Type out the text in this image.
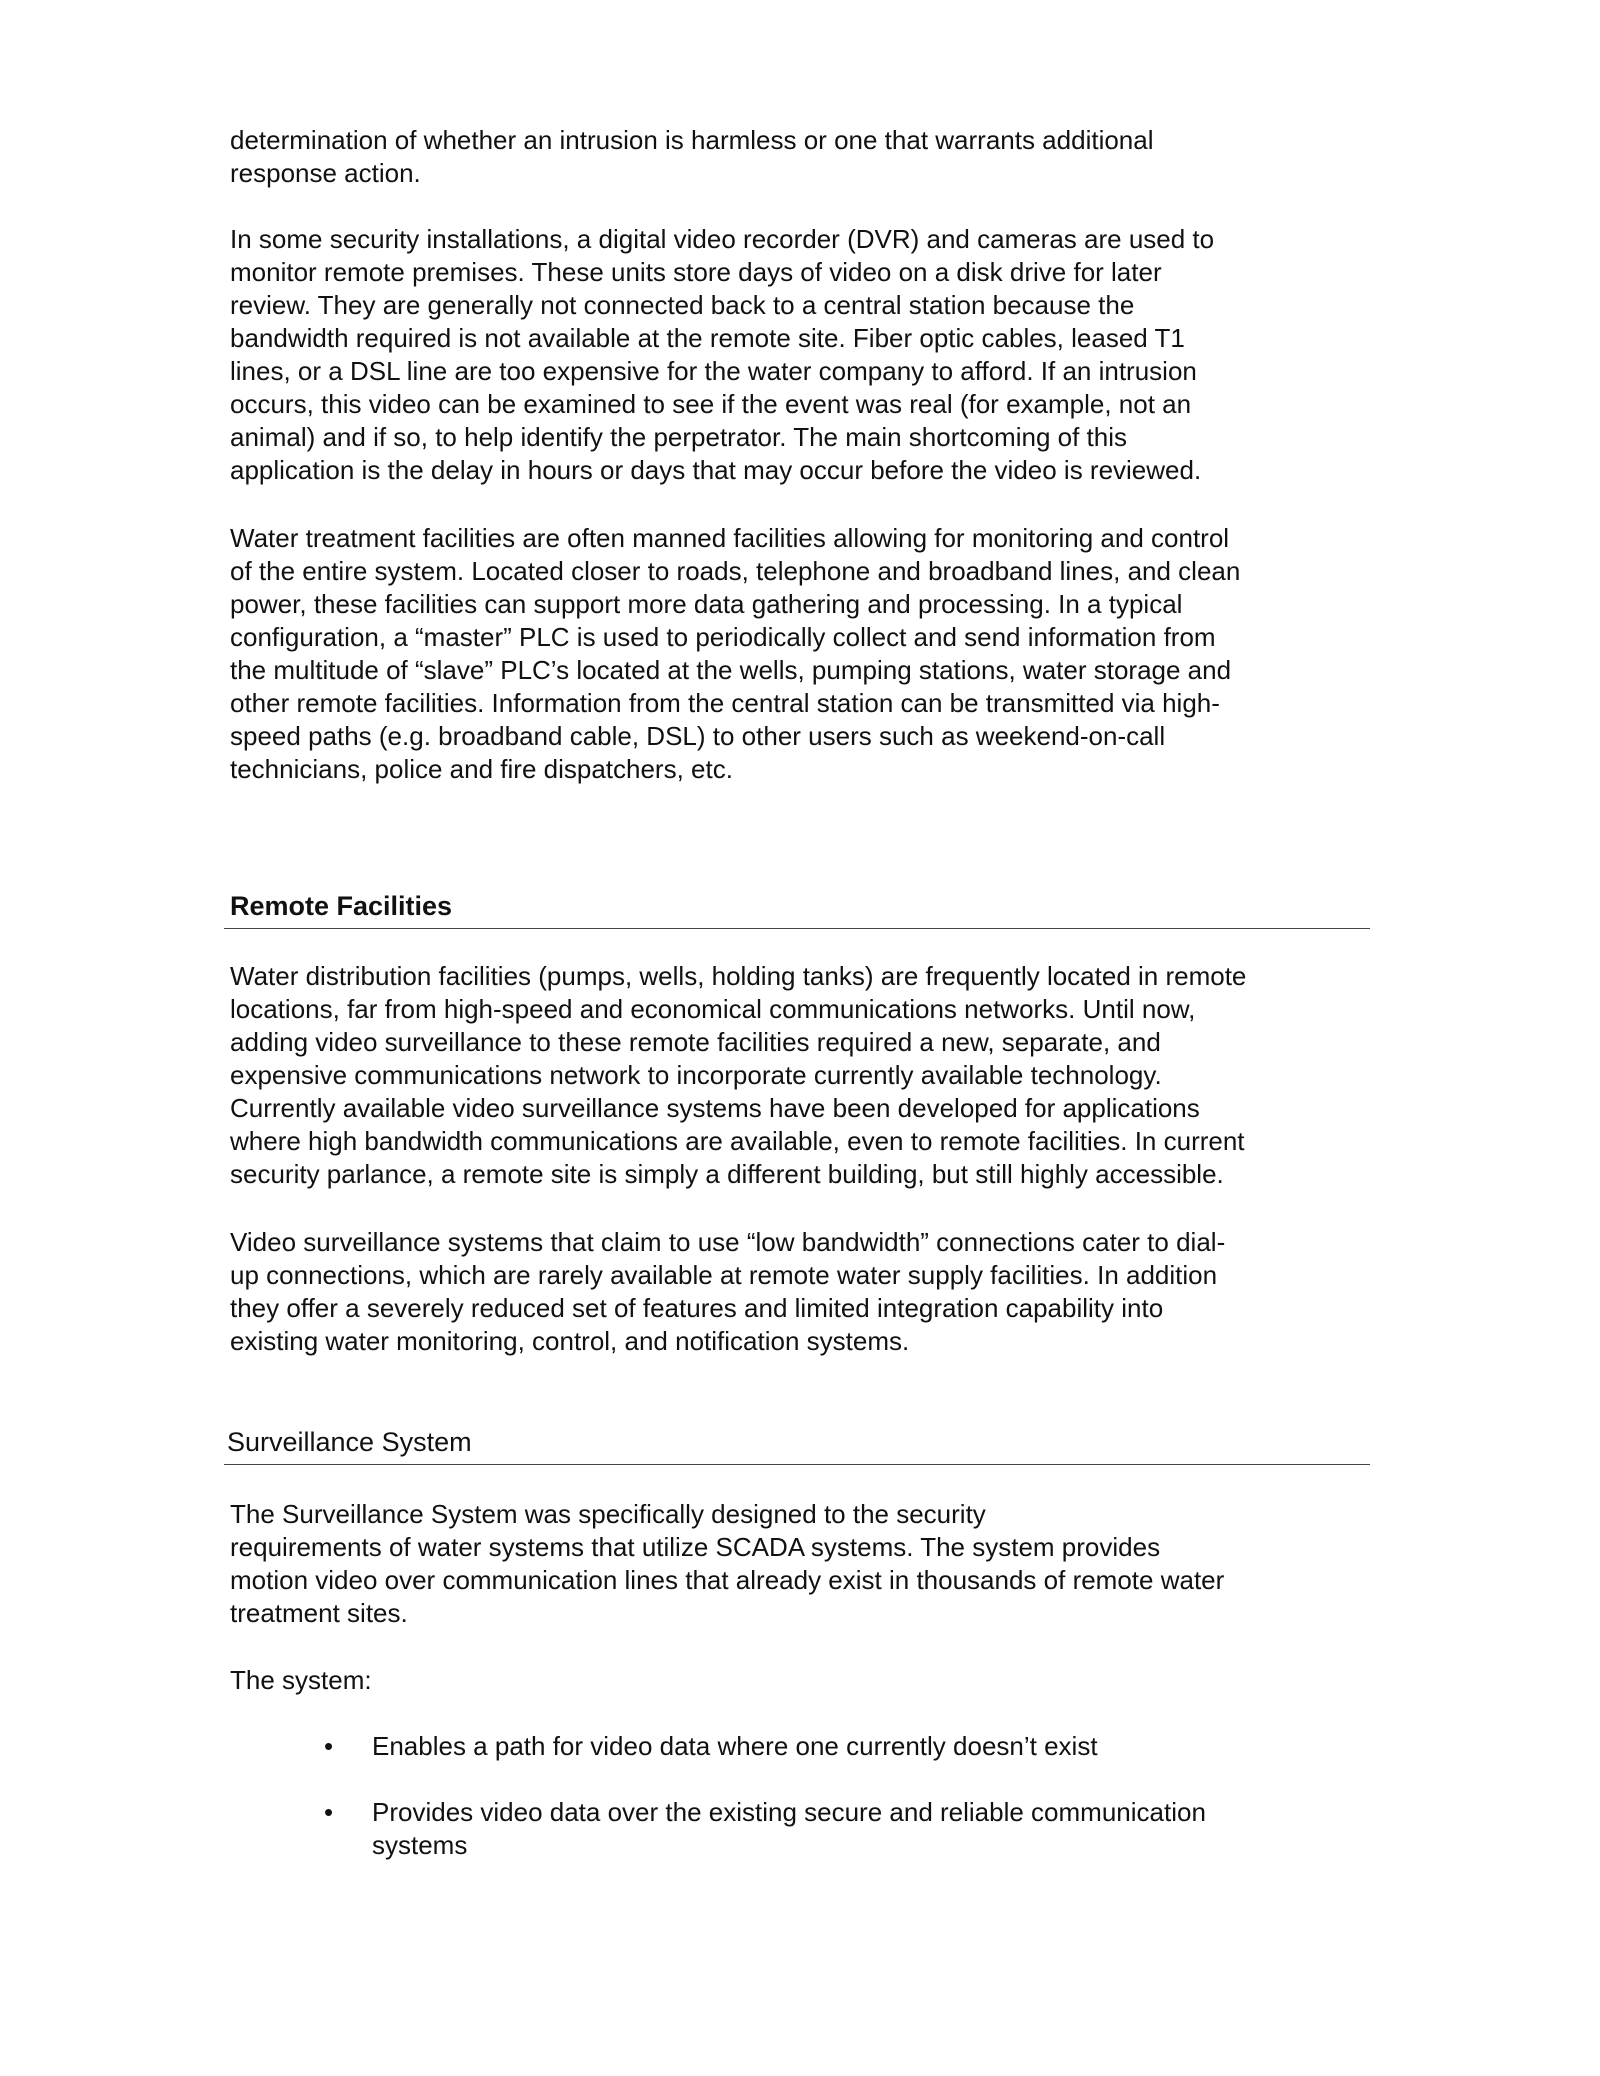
determination of whether an intrusion is harmless or one that warrants additional
response action.

In some security installations, a digital video recorder (DVR) and cameras are used to
monitor remote premises. These units store days of video on a disk drive for later
review. They are generally not connected back to a central station because the
bandwidth required is not available at the remote site. Fiber optic cables, leased T1
lines, or a DSL line are too expensive for the water company to afford. If an intrusion
occurs, this video can be examined to see if the event was real (for example, not an
animal) and if so, to help identify the perpetrator. The main shortcoming of this
application is the delay in hours or days that may occur before the video is reviewed.

Water treatment facilities are often manned facilities allowing for monitoring and control
of the entire system. Located closer to roads, telephone and broadband lines, and clean
power, these facilities can support more data gathering and processing. In a typical
configuration, a “master” PLC is used to periodically collect and send information from
the multitude of “slave” PLC’s located at the wells, pumping stations, water storage and
other remote facilities. Information from the central station can be transmitted via high-
speed paths (e.g. broadband cable, DSL) to other users such as weekend-on-call
technicians, police and fire dispatchers, etc.

Remote Facilities

Water distribution facilities (pumps, wells, holding tanks) are frequently located in remote
locations, far from high-speed and economical communications networks. Until now,
adding video surveillance to these remote facilities required a new, separate, and
expensive communications network to incorporate currently available technology.
Currently available video surveillance systems have been developed for applications
where high bandwidth communications are available, even to remote facilities. In current
security parlance, a remote site is simply a different building, but still highly accessible.

Video surveillance systems that claim to use “low bandwidth” connections cater to dial-
up connections, which are rarely available at remote water supply facilities. In addition
they offer a severely reduced set of features and limited integration capability into
existing water monitoring, control, and notification systems.

Surveillance System

The Surveillance System was specifically designed to the security
requirements of water systems that utilize SCADA systems. The system provides
motion video over communication lines that already exist in thousands of remote water
treatment sites.

The system:

• Enables a path for video data where one currently doesn’t exist
• Provides video data over the existing secure and reliable communication
systems
